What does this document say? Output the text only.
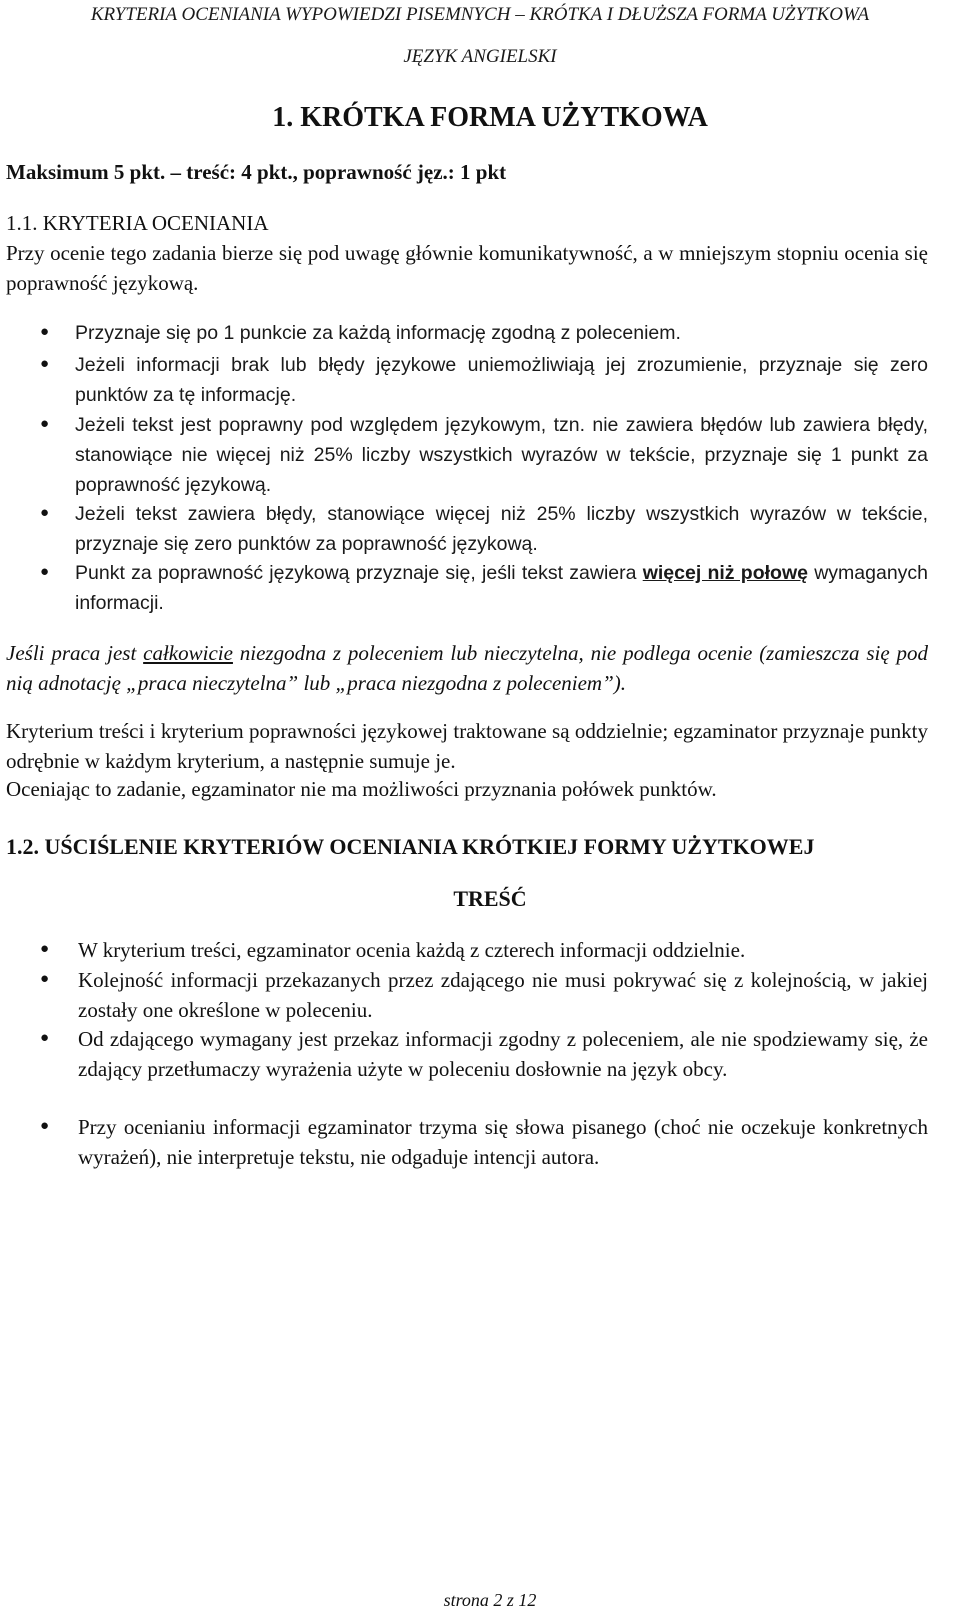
KRYTERIA OCENIANIA WYPOWIEDZI PISEMNYCH – KRÓTKA I DŁUŻSZA FORMA UŻYTKOWA

JĘZYK ANGIELSKI

1. KRÓTKA FORMA UŻYTKOWA

Maksimum 5 pkt. – treść: 4 pkt., poprawność jęz.: 1 pkt

1.1. KRYTERIA OCENIANIA

Przy ocenie tego zadania bierze się pod uwagę głównie komunikatywność, a w mniejszym stopniu ocenia się poprawność językową.

● Przyznaje się po 1 punkcie za każdą informację zgodną z poleceniem.

● Jeżeli informacji brak lub błędy językowe uniemożliwiają jej zrozumienie, przyznaje się zero punktów za tę informację.

● Jeżeli tekst jest poprawny pod względem językowym, tzn. nie zawiera błędów lub zawiera błędy, stanowiące nie więcej niż 25% liczby wszystkich wyrazów w tekście, przyznaje się 1 punkt za poprawność językową.

● Jeżeli tekst zawiera błędy, stanowiące więcej niż 25% liczby wszystkich wyrazów w tekście, przyznaje się zero punktów za poprawność językową.

● Punkt za poprawność językową przyznaje się, jeśli tekst zawiera więcej niż połowę wymaganych informacji.

Jeśli praca jest całkowicie niezgodna z poleceniem lub nieczytelna, nie podlega ocenie (zamieszcza się pod nią adnotację „praca nieczytelna” lub „praca niezgodna z poleceniem”).

Kryterium treści i kryterium poprawności językowej traktowane są oddzielnie; egzaminator przyznaje punkty odrębnie w każdym kryterium, a następnie sumuje je.

Oceniając to zadanie, egzaminator nie ma możliwości przyznania połówek punktów.

1.2. UŚCIŚLENIE KRYTERIÓW OCENIANIA KRÓTKIEJ FORMY UŻYTKOWEJ

TREŚĆ

● W kryterium treści, egzaminator ocenia każdą z czterech informacji oddzielnie.

● Kolejność informacji przekazanych przez zdającego nie musi pokrywać się z kolejnością, w jakiej zostały one określone w poleceniu.

● Od zdającego wymagany jest przekaz informacji zgodny z poleceniem, ale nie spodziewamy się, że zdający przetłumaczy wyrażenia użyte w poleceniu dosłownie na język obcy.

● Przy ocenianiu informacji egzaminator trzyma się słowa pisanego (choć nie oczekuje konkretnych wyrażeń), nie interpretuje tekstu, nie odgaduje intencji autora.

strona 2 z 12
